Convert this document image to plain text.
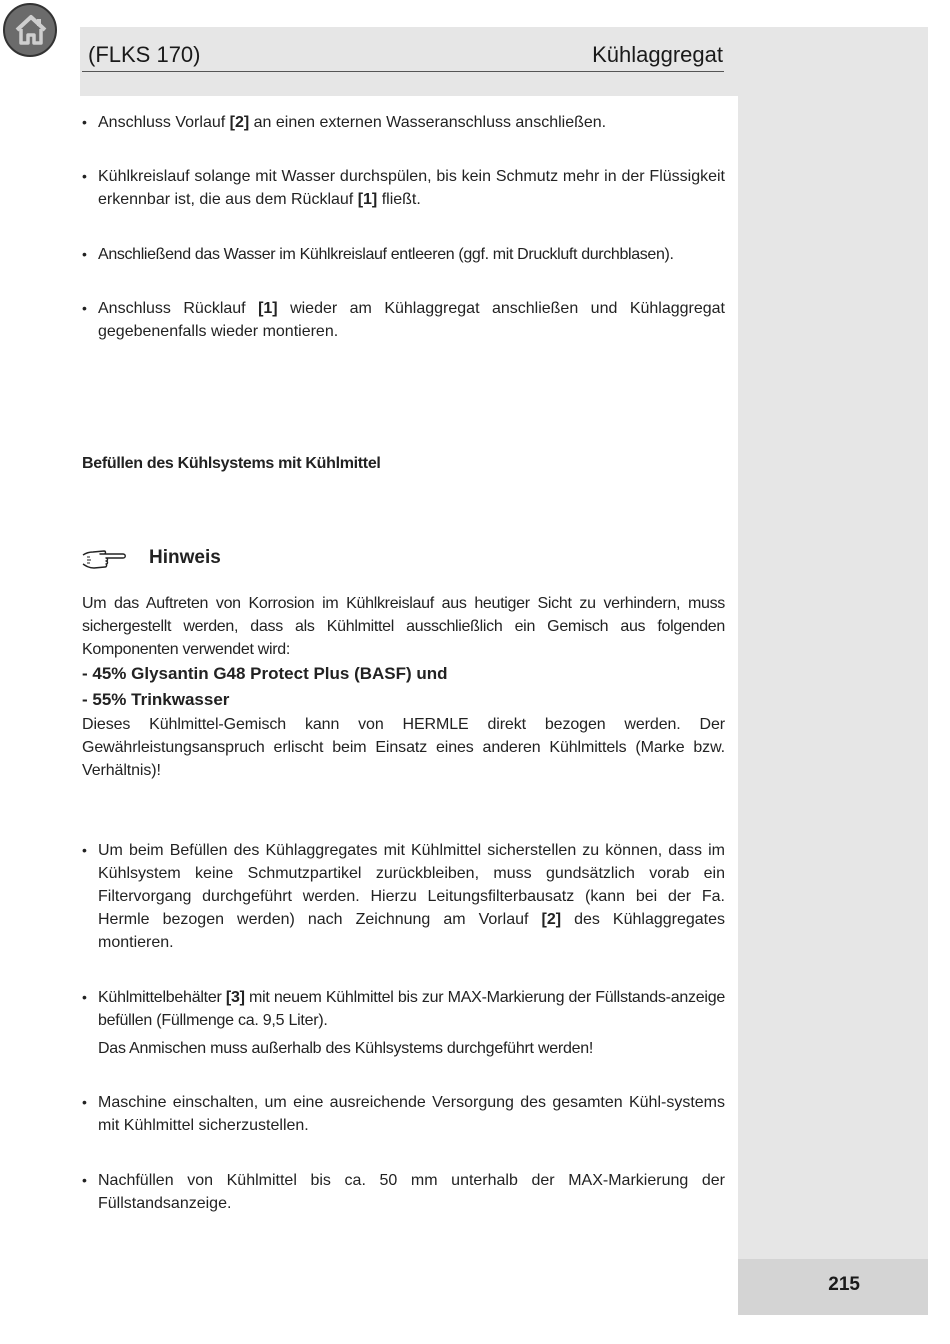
215
(FLKS 170)	Kühlaggregat
• Anschluss Vorlauf [2] an einen externen Wasseranschluss anschließen.
• Kühlkreislauf solange mit Wasser durchspülen, bis kein Schmutz mehr in der Flüssigkeit erkennbar ist, die aus dem Rücklauf [1] fließt.
• Anschließend das Wasser im Kühlkreislauf entleeren (ggf. mit Druckluft durchblasen).
• Anschluss Rücklauf [1] wieder am Kühlaggregat anschließen und Kühlaggregat gegebenenfalls wieder montieren.
Befüllen des Kühlsystems mit Kühlmittel
Hinweis
Um das Auftreten von Korrosion im Kühlkreislauf aus heutiger Sicht zu verhindern, muss sichergestellt werden, dass als Kühlmittel ausschließlich ein Gemisch aus folgenden Komponenten verwendet wird:
- 45% Glysantin G48 Protect Plus (BASF) und
- 55% Trinkwasser
Dieses Kühlmittel-Gemisch kann von HERMLE direkt bezogen werden. Der Gewährleistungsanspruch erlischt beim Einsatz eines anderen Kühlmittels (Marke bzw. Verhältnis)!
• Um beim Befüllen des Kühlaggregates mit Kühlmittel sicherstellen zu können, dass im Kühlsystem keine Schmutzpartikel zurückbleiben, muss gundsätzlich vorab ein Filtervorgang durchgeführt werden. Hierzu Leitungsfilterbausatz (kann bei der Fa. Hermle bezogen werden) nach Zeichnung am Vorlauf [2] des Kühlaggregates montieren.
• Kühlmittelbehälter [3] mit neuem Kühlmittel bis zur MAX-Markierung der Füllstands-anzeige befüllen (Füllmenge ca. 9,5 Liter).
Das Anmischen muss außerhalb des Kühlsystems durchgeführt werden!
• Maschine einschalten, um eine ausreichende Versorgung des gesamten Kühl-systems mit Kühlmittel sicherzustellen.
• Nachfüllen von Kühlmittel bis ca. 50 mm unterhalb der MAX-Markierung der Füllstandsanzeige.
